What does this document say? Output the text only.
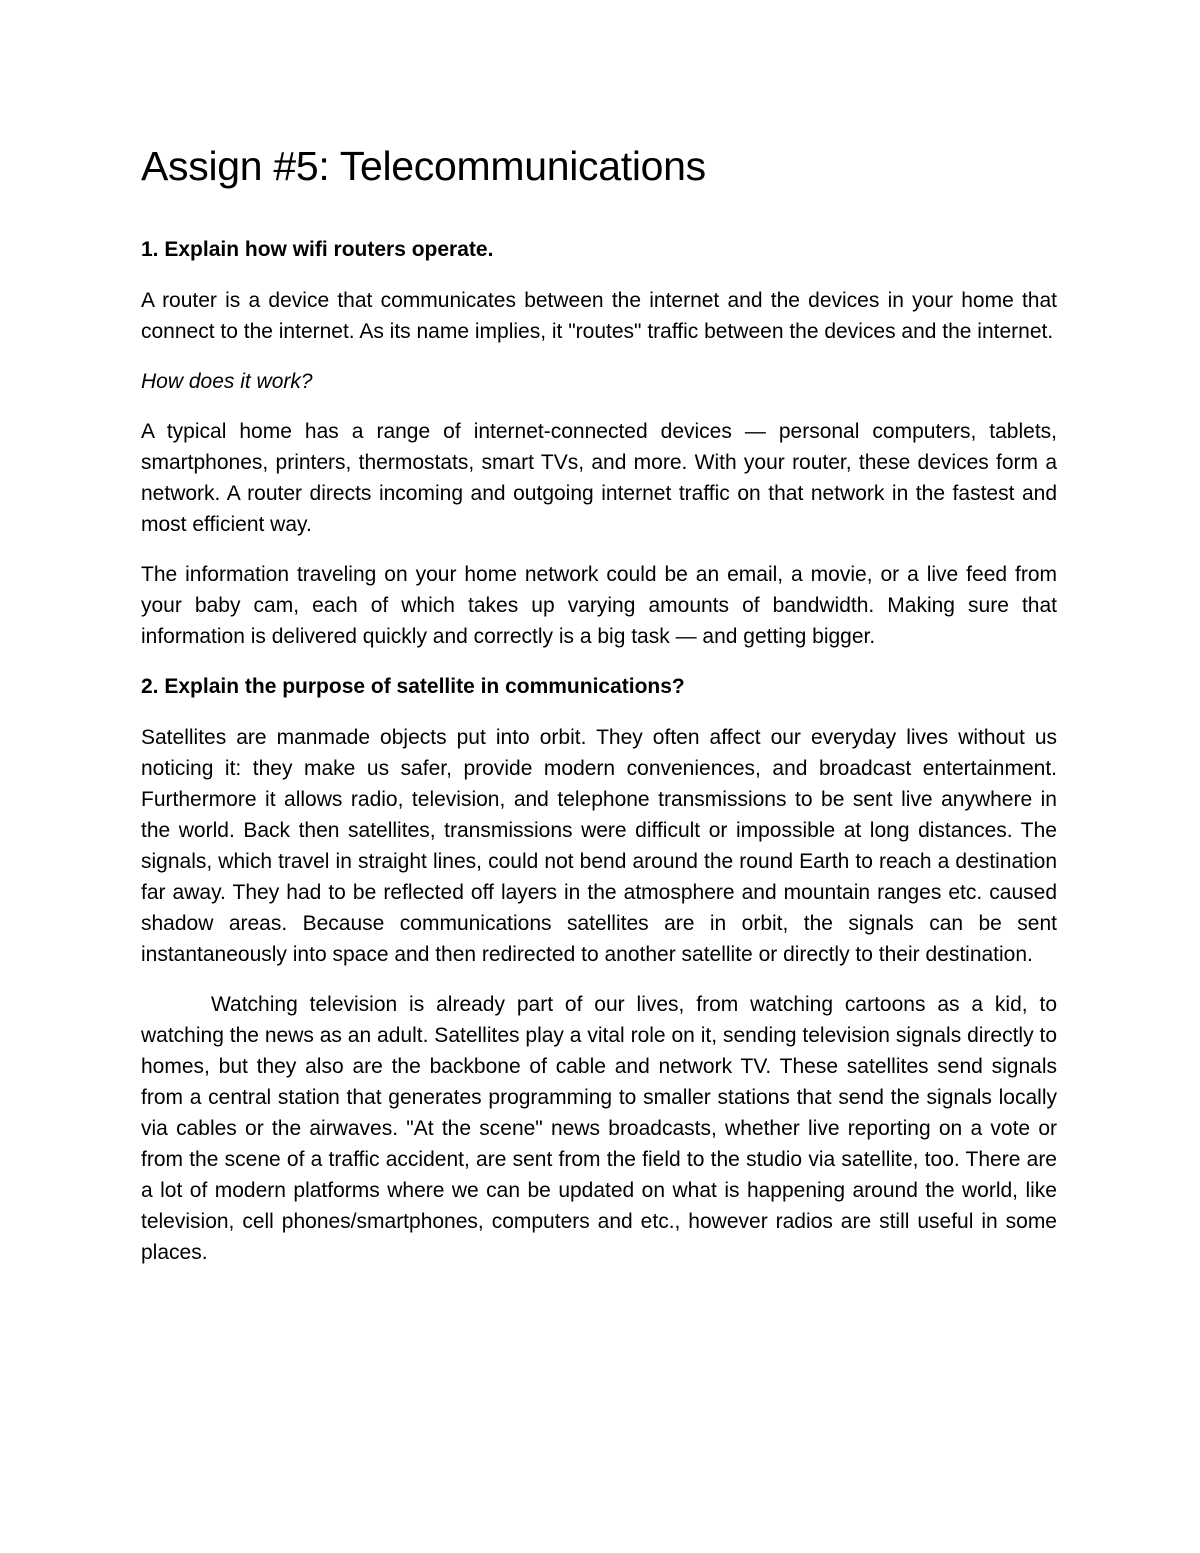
Assign #5: Telecommunications
1. Explain how wifi routers operate.

A router is a device that communicates between the internet and the devices in your home that connect to the internet. As its name implies, it "routes" traffic between the devices and the internet.

How does it work?

A typical home has a range of internet-connected devices — personal computers, tablets, smartphones, printers, thermostats, smart TVs, and more. With your router, these devices form a network. A router directs incoming and outgoing internet traffic on that network in the fastest and most efficient way.

The information traveling on your home network could be an email, a movie, or a live feed from your baby cam, each of which takes up varying amounts of bandwidth. Making sure that information is delivered quickly and correctly is a big task — and getting bigger.

2. Explain the purpose of satellite in communications?

Satellites are manmade objects put into orbit. They often affect our everyday lives without us noticing it: they make us safer, provide modern conveniences, and broadcast entertainment. Furthermore it allows radio, television, and telephone transmissions to be sent live anywhere in the world. Back then satellites, transmissions were difficult or impossible at long distances. The signals, which travel in straight lines, could not bend around the round Earth to reach a destination far away. They had to be reflected off layers in the atmosphere and mountain ranges etc. caused shadow areas. Because communications satellites are in orbit, the signals can be sent instantaneously into space and then redirected to another satellite or directly to their destination.

Watching television is already part of our lives, from watching cartoons as a kid, to watching the news as an adult. Satellites play a vital role on it, sending television signals directly to homes, but they also are the backbone of cable and network TV. These satellites send signals from a central station that generates programming to smaller stations that send the signals locally via cables or the airwaves. "At the scene" news broadcasts, whether live reporting on a vote or from the scene of a traffic accident, are sent from the field to the studio via satellite, too. There are a lot of modern platforms where we can be updated on what is happening around the world, like television, cell phones/smartphones, computers and etc., however radios are still useful in some places.
